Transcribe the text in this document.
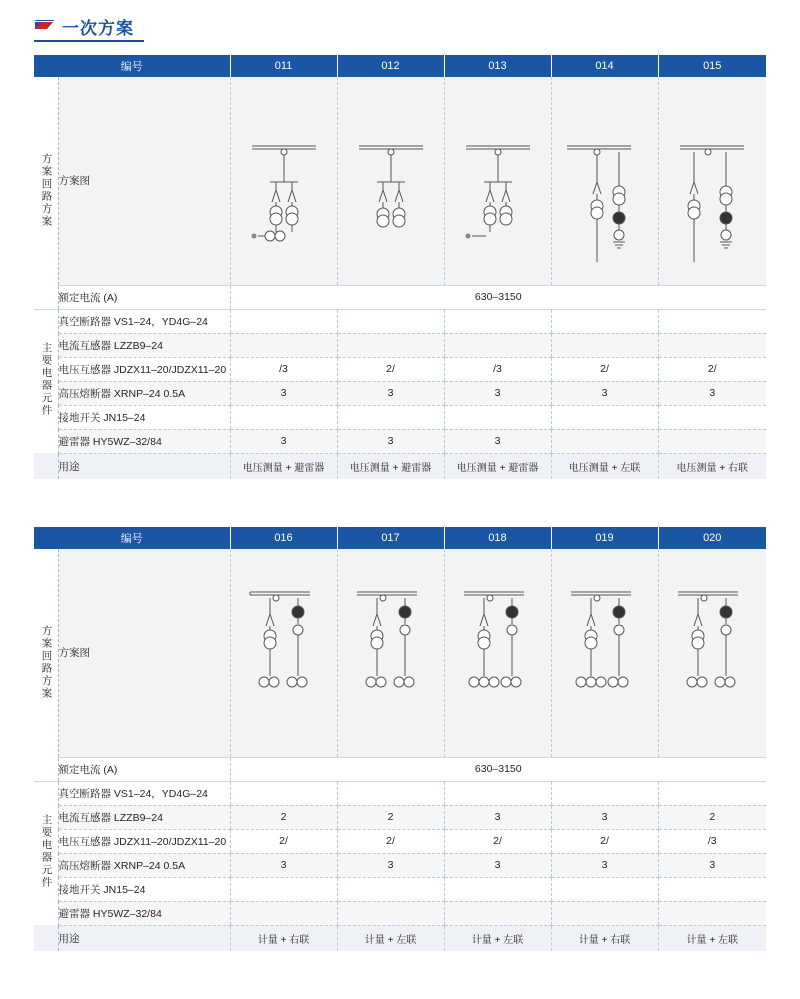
一次方案
编号		011	012	013	014	015
方案回路方案	方案图	

	额定电流 (A)	630–3150				
主要电器元件	真空断路器 VS1–24，YD4G–24					
	电流互感器 LZZB9–24					
	电压互感器 JDZX11–20/JDZX11–20	/3	2/	/3	2/	2/
	高压熔断器 XRNP–24 0.5A	3	3	3	3	3
	接地开关 JN15–24					
	避雷器 HY5WZ–32/84	3	3	3		
	用途	电压测量 + 避雷器	电压测量 + 避雷器	电压测量 + 避雷器	电压测量 + 左联	电压测量 + 右联
编号		016	017	018	019	020
方案回路方案	方案图	

	额定电流 (A)	630–3150				
主要电器元件	真空断路器 VS1–24，YD4G–24					
	电流互感器 LZZB9–24	2	2	3	3	2
	电压互感器 JDZX11–20/JDZX11–20	2/	2/	2/	2/	/3
	高压熔断器 XRNP–24 0.5A	3	3	3	3	3
	接地开关 JN15–24					
	避雷器 HY5WZ–32/84					
	用途	计量 + 右联	计量 + 左联	计量 + 左联	计量 + 右联	计量 + 左联
